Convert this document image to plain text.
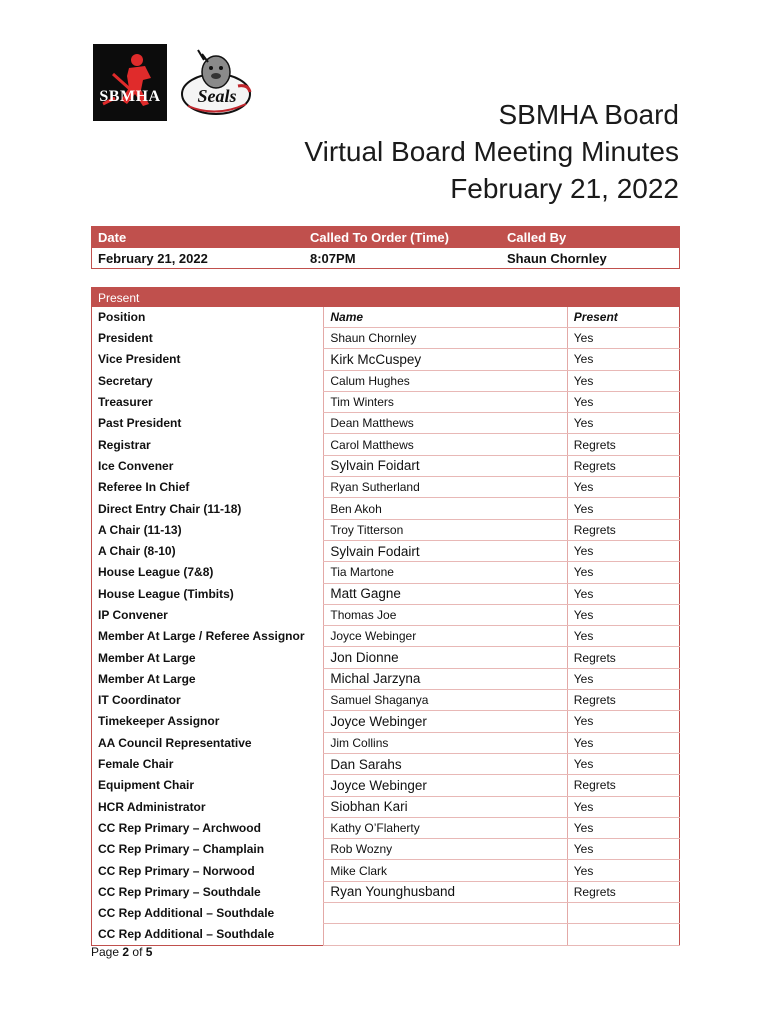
SBMHA	Seals
SBMHA Board
Virtual Board Meeting Minutes
February 21, 2022
Date	Called To Order (Time)	Called By
February 21, 2022	8:07PM	Shaun Chornley
Present		
Position	Name	Present
President	Shaun Chornley	Yes
Vice President	Kirk McCuspey	Yes
Secretary	Calum Hughes	Yes
Treasurer	Tim Winters	Yes
Past President	Dean Matthews	Yes
Registrar	Carol Matthews	Regrets
Ice Convener	Sylvain Foidart	Regrets
Referee In Chief	Ryan Sutherland	Yes
Direct Entry Chair (11-18)	Ben Akoh	Yes
A Chair (11-13)	Troy Titterson	Regrets
A Chair (8-10)	Sylvain Fodairt	Yes
House League (7&8)	Tia Martone	Yes
House League (Timbits)	Matt Gagne	Yes
IP Convener	Thomas Joe	Yes
Member At Large / Referee Assignor	Joyce Webinger	Yes
Member At Large	Jon Dionne	Regrets
Member At Large	Michal Jarzyna	Yes
IT Coordinator	Samuel Shaganya	Regrets
Timekeeper Assignor	Joyce Webinger	Yes
AA Council Representative	Jim Collins	Yes
Female Chair	Dan Sarahs	Yes
Equipment Chair	Joyce Webinger	Regrets
HCR Administrator	Siobhan Kari	Yes
CC Rep Primary – Archwood	Kathy O’Flaherty	Yes
CC Rep Primary – Champlain	Rob Wozny	Yes
CC Rep Primary – Norwood	Mike Clark	Yes
CC Rep Primary – Southdale	Ryan Younghusband	Regrets
CC Rep Additional – Southdale		
CC Rep Additional – Southdale		
Page 2 of 5
